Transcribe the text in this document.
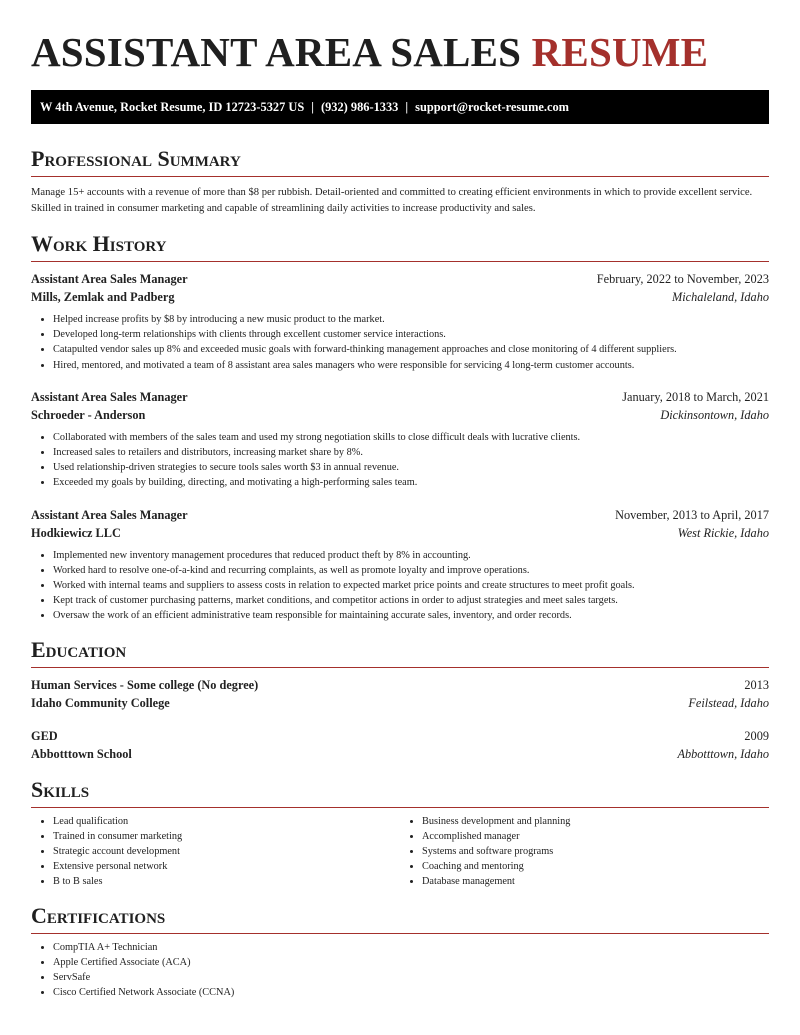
ASSISTANT AREA SALES RESUME
W 4th Avenue, Rocket Resume, ID 12723-5327 US | (932) 986-1333 | support@rocket-resume.com
Professional Summary
Manage 15+ accounts with a revenue of more than $8 per rubbish. Detail-oriented and committed to creating efficient environments in which to provide excellent service. Skilled in trained in consumer marketing and capable of streamlining daily activities to increase productivity and sales.
Work History
Assistant Area Sales Manager	February, 2022 to November, 2023
Mills, Zemlak and Padberg	Michaleland, Idaho
• Helped increase profits by $8 by introducing a new music product to the market.
• Developed long-term relationships with clients through excellent customer service interactions.
• Catapulted vendor sales up 8% and exceeded music goals with forward-thinking management approaches and close monitoring of 4 different suppliers.
• Hired, mentored, and motivated a team of 8 assistant area sales managers who were responsible for servicing 4 long-term customer accounts.
Assistant Area Sales Manager	January, 2018 to March, 2021
Schroeder - Anderson	Dickinsontown, Idaho
• Collaborated with members of the sales team and used my strong negotiation skills to close difficult deals with lucrative clients.
• Increased sales to retailers and distributors, increasing market share by 8%.
• Used relationship-driven strategies to secure tools sales worth $3 in annual revenue.
• Exceeded my goals by building, directing, and motivating a high-performing sales team.
Assistant Area Sales Manager	November, 2013 to April, 2017
Hodkiewicz LLC	West Rickie, Idaho
• Implemented new inventory management procedures that reduced product theft by 8% in accounting.
• Worked hard to resolve one-of-a-kind and recurring complaints, as well as promote loyalty and improve operations.
• Worked with internal teams and suppliers to assess costs in relation to expected market price points and create structures to meet profit goals.
• Kept track of customer purchasing patterns, market conditions, and competitor actions in order to adjust strategies and meet sales targets.
• Oversaw the work of an efficient administrative team responsible for maintaining accurate sales, inventory, and order records.
Education
Human Services - Some college (No degree)	2013
Idaho Community College	Feilstead, Idaho
GED	2009
Abbotttown School	Abbotttown, Idaho
Skills
• Lead qualification
• Trained in consumer marketing
• Strategic account development
• Extensive personal network
• B to B sales
• Business development and planning
• Accomplished manager
• Systems and software programs
• Coaching and mentoring
• Database management
Certifications
• CompTIA A+ Technician
• Apple Certified Associate (ACA)
• ServSafe
• Cisco Certified Network Associate (CCNA)
